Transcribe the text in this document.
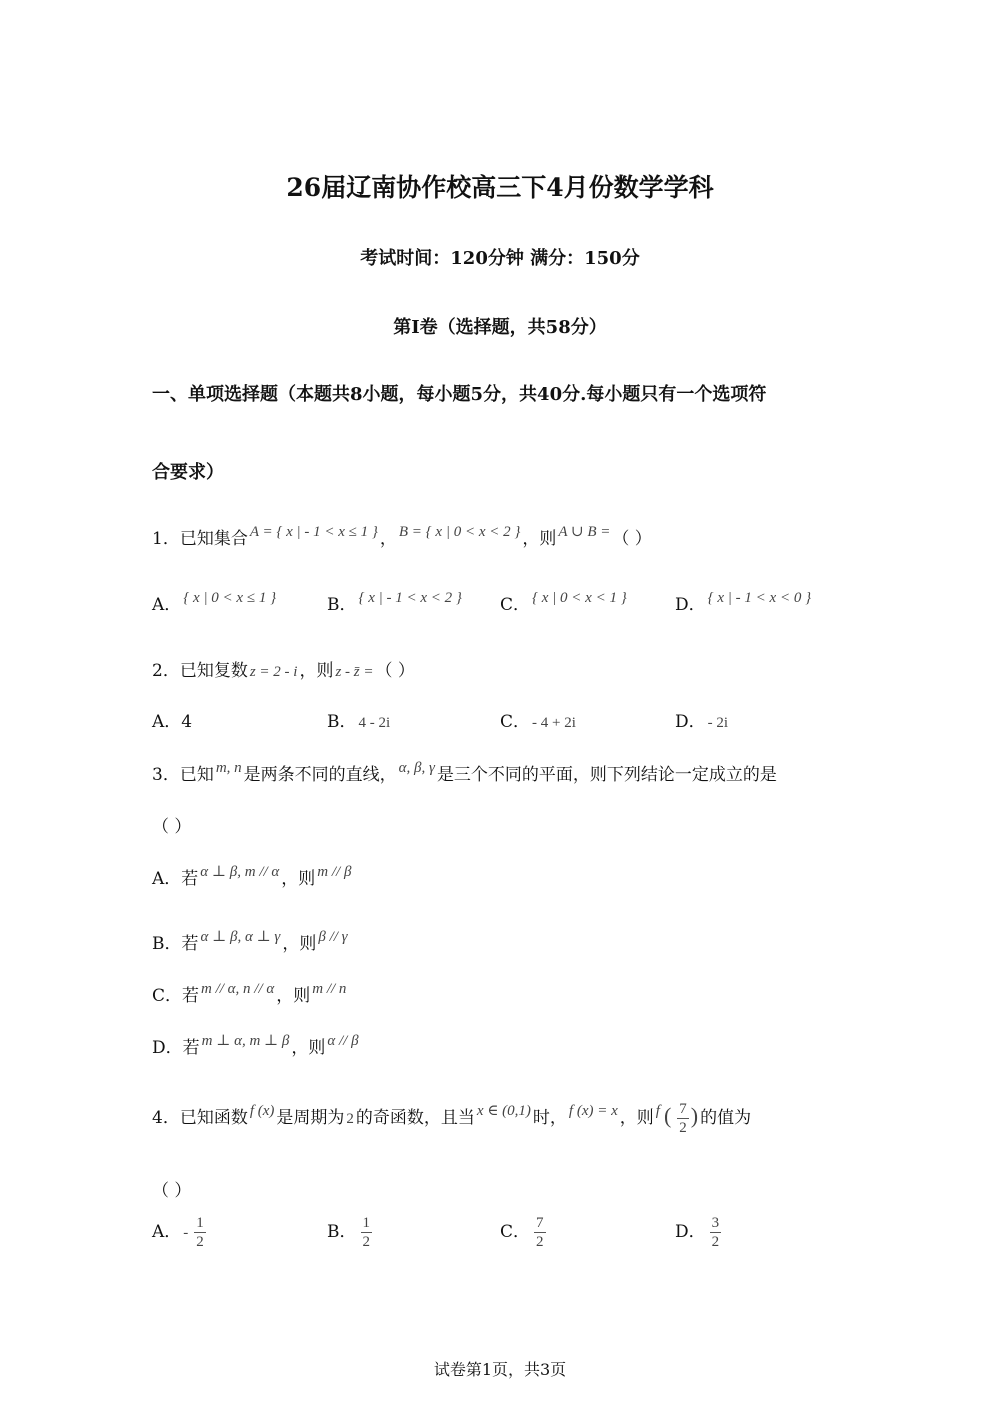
26届辽南协作校高三下4月份数学学科
考试时间：120分钟 满分：150分
第I卷（选择题，共58分）
一、单项选择题（本题共8小题，每小题5分，共40分.每小题只有一个选项符
合要求）
1．已知集合 A = { x | - 1 < x ≤ 1 } ， B = { x | 0 < x < 2 } ，则 A ∪ B = （ ）
A． { x | 0 < x ≤ 1 }	B． { x | - 1 < x < 2 } C． { x | 0 < x < 1 }	D． { x | - 1 < x < 0 }
2．已知复数 z = 2 - i ，则 z - z̄ = （ ）
A．4	B． 4 - 2i	C． - 4 + 2i	D． - 2i
3．已知 m, n 是两条不同的直线， α, β, γ 是三个不同的平面，则下列结论一定成立的是
（ ）
A．若 α ⊥ β, m // α ，则 m // β
B．若 α ⊥ β, α ⊥ γ ，则 β // γ
C．若 m // α, n // α ，则 m // n
D．若 m ⊥ α, m ⊥ β ，则 α // β
4．已知函数 f (x) 是周期为 2 的奇函数，且当 x ∈ (0,1) 时， f (x) = x ，则 f ( $\frac{7}{2}$ ) 的值为
（ ）
A． - $\frac{1}{2}$	B． $\frac{1}{2}$	C． $\frac{7}{2}$	D． $\frac{3}{2}$
试卷第1页，共3页
